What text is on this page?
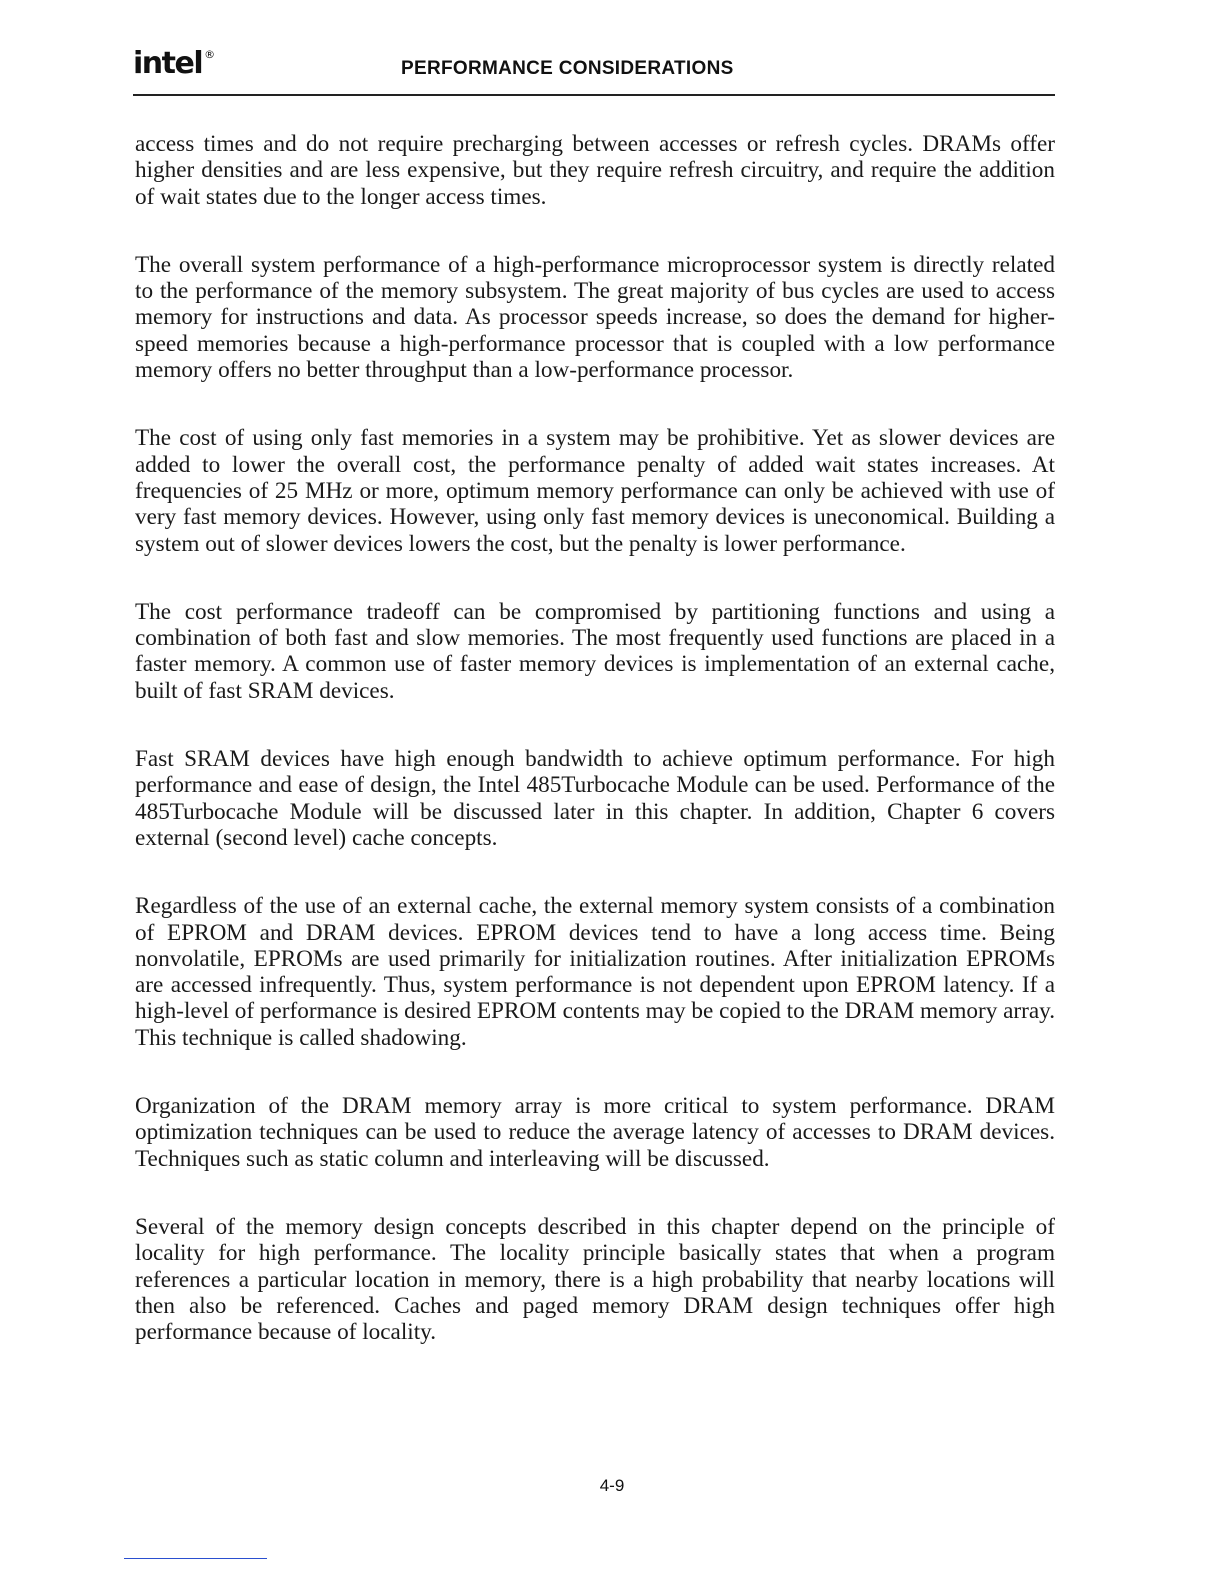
intel ®
PERFORMANCE CONSIDERATIONS

access times and do not require precharging between accesses or refresh cycles. DRAMs offer higher densities and are less expensive, but they require refresh circuitry, and require the addition of wait states due to the longer access times.

The overall system performance of a high-performance microprocessor system is directly related to the performance of the memory subsystem. The great majority of bus cycles are used to access memory for instructions and data. As processor speeds increase, so does the demand for higher-speed memories because a high-performance processor that is coupled with a low performance memory offers no better throughput than a low-performance processor.

The cost of using only fast memories in a system may be prohibitive. Yet as slower devices are added to lower the overall cost, the performance penalty of added wait states increases. At frequencies of 25 MHz or more, optimum memory performance can only be achieved with use of very fast memory devices. However, using only fast memory devices is uneconomical. Building a system out of slower devices lowers the cost, but the penalty is lower performance.

The cost performance tradeoff can be compromised by partitioning functions and using a combination of both fast and slow memories. The most frequently used functions are placed in a faster memory. A common use of faster memory devices is implementation of an external cache, built of fast SRAM devices.

Fast SRAM devices have high enough bandwidth to achieve optimum performance. For high performance and ease of design, the Intel 485Turbocache Module can be used. Performance of the 485Turbocache Module will be discussed later in this chapter. In addition, Chapter 6 covers external (second level) cache concepts.

Regardless of the use of an external cache, the external memory system consists of a combination of EPROM and DRAM devices. EPROM devices tend to have a long access time. Being nonvolatile, EPROMs are used primarily for initialization routines. After initialization EPROMs are accessed infrequently. Thus, system performance is not dependent upon EPROM latency. If a high-level of performance is desired EPROM contents may be copied to the DRAM memory array. This technique is called shadowing.

Organization of the DRAM memory array is more critical to system performance. DRAM optimization techniques can be used to reduce the average latency of accesses to DRAM devices. Techniques such as static column and interleaving will be discussed.

Several of the memory design concepts described in this chapter depend on the principle of locality for high performance. The locality principle basically states that when a program references a particular location in memory, there is a high probability that nearby locations will then also be referenced. Caches and paged memory DRAM design techniques offer high performance because of locality.

4-9
